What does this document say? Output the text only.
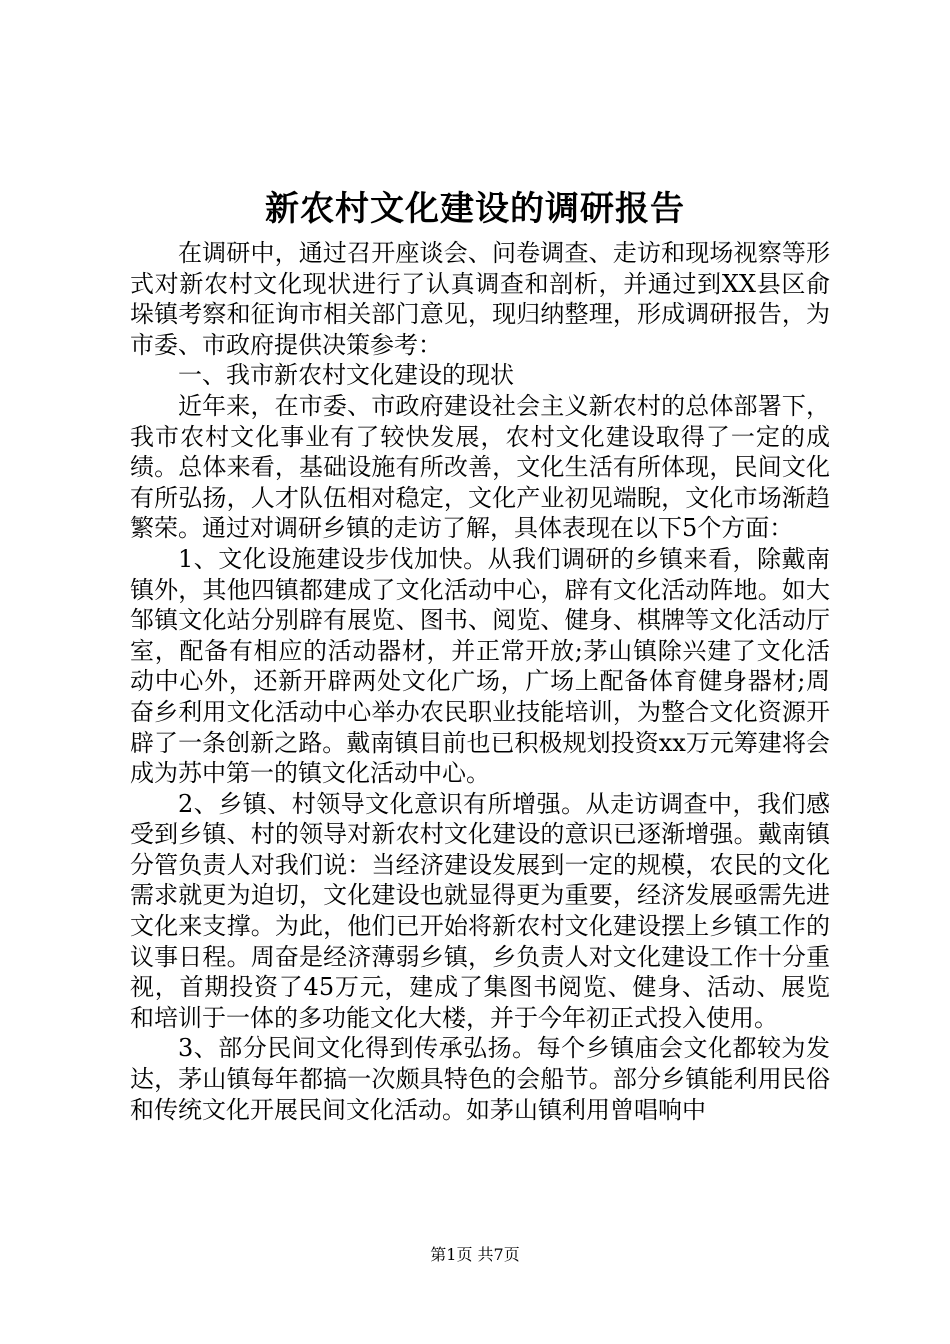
新农村文化建设的调研报告

在调研中，通过召开座谈会、问卷调查、走访和现场视察等形式对新农村文化现状进行了认真调查和剖析，并通过到XX县区俞垛镇考察和征询市相关部门意见，现归纳整理，形成调研报告，为市委、市政府提供决策参考：

一、我市新农村文化建设的现状

近年来，在市委、市政府建设社会主义新农村的总体部署下，我市农村文化事业有了较快发展，农村文化建设取得了一定的成绩。总体来看，基础设施有所改善，文化生活有所体现，民间文化有所弘扬，人才队伍相对稳定，文化产业初见端睨，文化市场渐趋繁荣。通过对调研乡镇的走访了解，具体表现在以下5个方面：

1、文化设施建设步伐加快。从我们调研的乡镇来看，除戴南镇外，其他四镇都建成了文化活动中心，辟有文化活动阵地。如大邹镇文化站分别辟有展览、图书、阅览、健身、棋牌等文化活动厅室，配备有相应的活动器材，并正常开放;茅山镇除兴建了文化活动中心外，还新开辟两处文化广场，广场上配备体育健身器材;周奋乡利用文化活动中心举办农民职业技能培训，为整合文化资源开辟了一条创新之路。戴南镇目前也已积极规划投资xx万元筹建将会成为苏中第一的镇文化活动中心。

2、乡镇、村领导文化意识有所增强。从走访调查中，我们感受到乡镇、村的领导对新农村文化建设的意识已逐渐增强。戴南镇分管负责人对我们说：当经济建设发展到一定的规模，农民的文化需求就更为迫切，文化建设也就显得更为重要，经济发展亟需先进文化来支撑。为此，他们已开始将新农村文化建设摆上乡镇工作的议事日程。周奋是经济薄弱乡镇，乡负责人对文化建设工作十分重视，首期投资了45万元，建成了集图书阅览、健身、活动、展览和培训于一体的多功能文化大楼，并于今年初正式投入使用。

3、部分民间文化得到传承弘扬。每个乡镇庙会文化都较为发达，茅山镇每年都搞一次颇具特色的会船节。部分乡镇能利用民俗和传统文化开展民间文化活动。如茅山镇利用曾唱响中

第1页 共7页
